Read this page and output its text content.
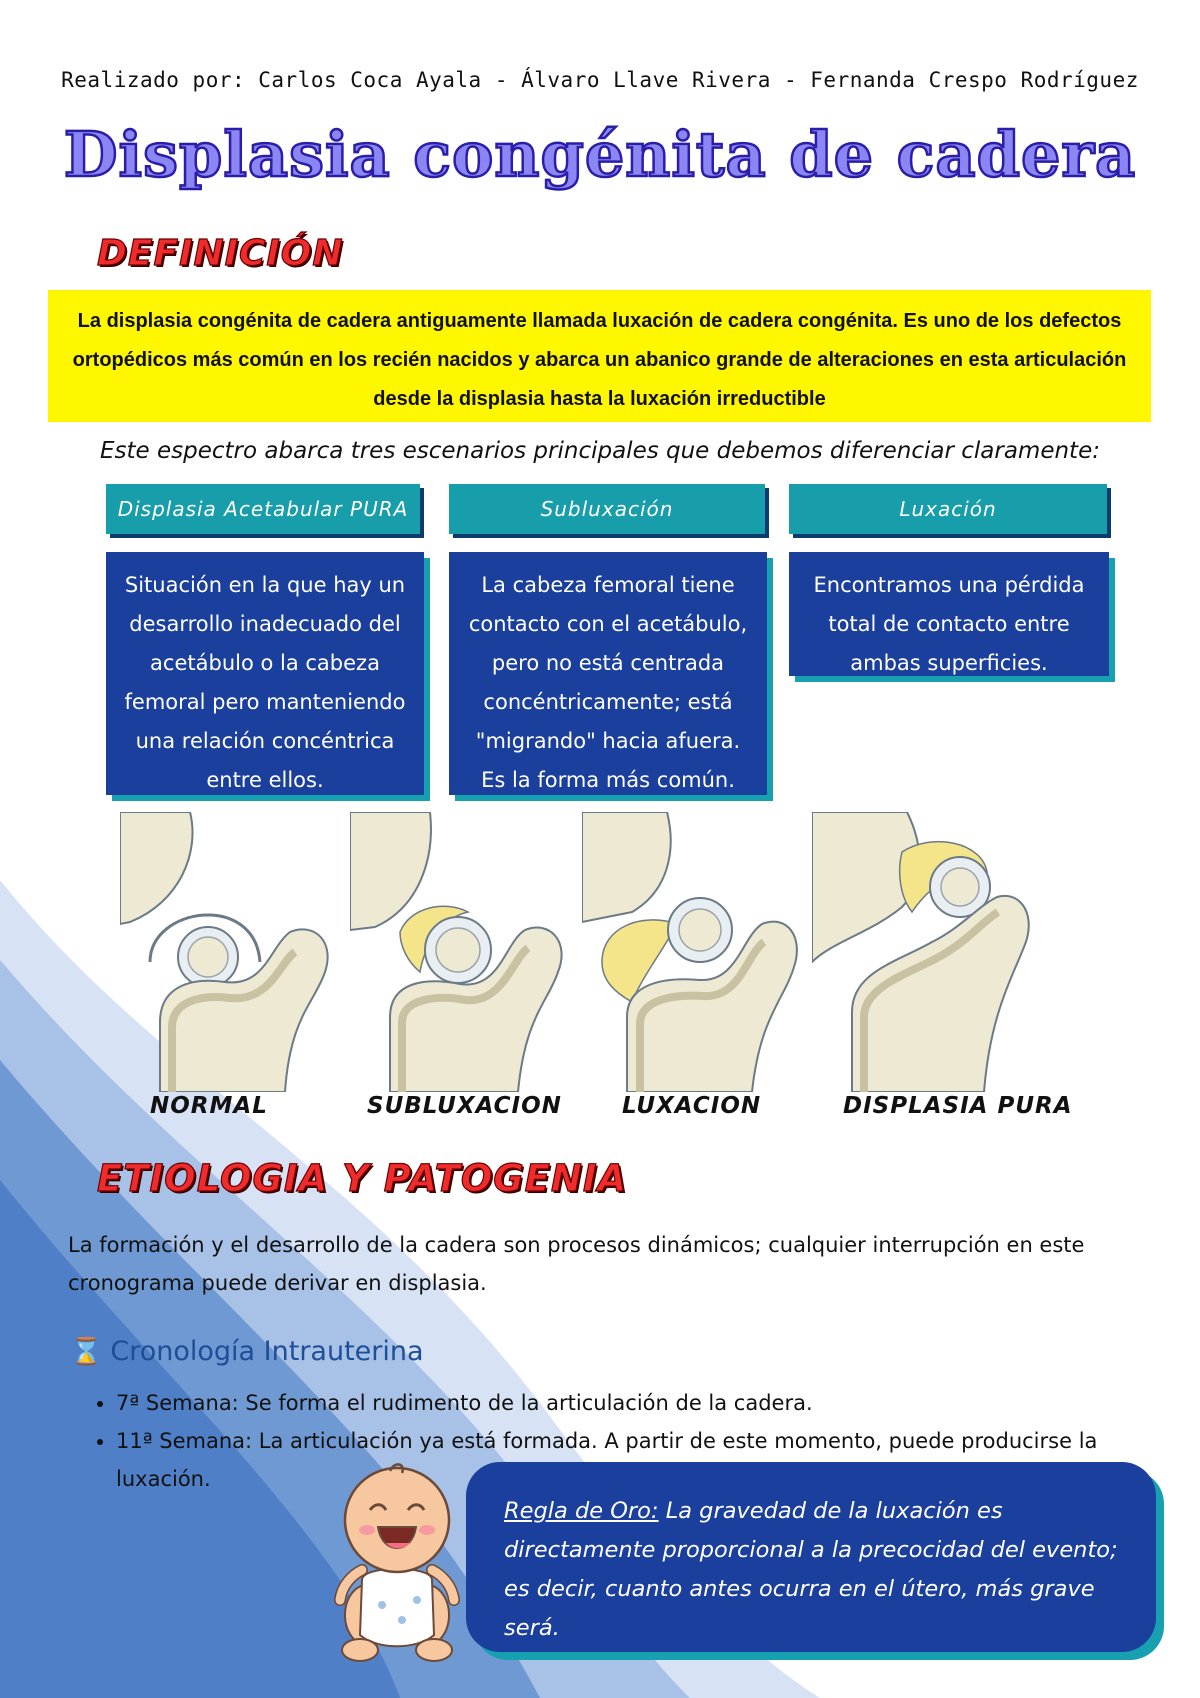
Realizado por: Carlos Coca Ayala - Álvaro Llave Rivera - Fernanda Crespo Rodríguez
Displasia congénita de cadera
DEFINICIÓN
La displasia congénita de cadera antiguamente llamada luxación de cadera congénita. Es uno de los defectos ortopédicos más común en los recién nacidos y abarca un abanico grande de alteraciones en esta articulación desde la displasia hasta la luxación irreductible
Este espectro abarca tres escenarios principales que debemos diferenciar claramente:
Displasia Acetabular PURA	Subluxación	Luxación
Situación en la que hay un desarrollo inadecuado del acetábulo o la cabeza femoral pero manteniendo una relación concéntrica entre ellos.
La cabeza femoral tiene contacto con el acetábulo, pero no está centrada concéntricamente; está "migrando" hacia afuera. Es la forma más común.
Encontramos una pérdida total de contacto entre ambas superficies.
NORMAL	SUBLUXACION	LUXACION	DISPLASIA PURA
ETIOLOGIA Y PATOGENIA
La formación y el desarrollo de la cadera son procesos dinámicos; cualquier interrupción en este cronograma puede derivar en displasia.
⌛ Cronología Intrauterina
• 7ª Semana: Se forma el rudimento de la articulación de la cadera.
• 11ª Semana: La articulación ya está formada. A partir de este momento, puede producirse la luxación.
Regla de Oro: La gravedad de la luxación es directamente proporcional a la precocidad del evento; es decir, cuanto antes ocurra en el útero, más grave será.
